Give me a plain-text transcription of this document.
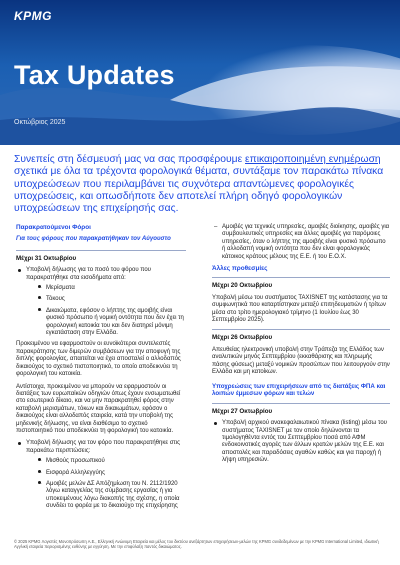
KPMG
Tax Updates
Οκτώβριος 2025
Συνεπείς στη δέσμευσή μας να σας προσφέρουμε επικαιροποιημένη ενημέρωση σχετικά με όλα τα τρέχοντα φορολογικά θέματα, συντάξαμε τον παρακάτω πίνακα υποχρεώσεων που περιλαμβάνει τις συχνότερα απαντώμενες φορολογικές υποχρεώσεις, και οπωσδήποτε δεν αποτελεί πλήρη οδηγό φορολογικών υποχρεώσεων της επιχείρησής σας.
Παρακρατούμενοι Φόροι
Για τους φόρους που παρακρατήθηκαν τον Αύγουστο
Μέχρι 31 Οκτωβρίου
Υποβολή δήλωσης για το ποσό του φόρου που παρακρατήθηκε στα εισοδήματα από:
– Μερίσματα
– Τόκους
– Δικαιώματα, εφόσον ο λήπτης της αμοιβής είναι φυσικό πρόσωπο ή νομική οντότητα που δεν έχει τη φορολογική κατοικία του και δεν διατηρεί μόνιμη εγκατάσταση στην Ελλάδα.

Προκειμένου να εφαρμοστούν οι ευνοϊκότεροι συντελεστές παρακράτησης των διμερών συμβάσεων για την αποφυγή της διπλής φορολογίας, απαιτείται να έχει αποσταλεί ο αλλοδαπός δικαιούχος το σχετικό πιστοποιητικό, το οποίο αποδεικνύει τη φορολογική του κατοικία.

Αντίστοιχα, προκειμένου να μπορούν να εφαρμοστούν οι διατάξεις των ευρωπαϊκών οδηγιών όπως έχουν ενσωματωθεί στο εσωτερικό δίκαιο, και να μην παρακρατηθεί φόρος στην καταβολή μερισμάτων, τόκων και δικαιωμάτων, εφόσον ο δικαιούχος είναι αλλοδαπός εταιρεία, κατά την υποβολή της μηδενικής δήλωσης, να είναι διαθέσιμο το σχετικό πιστοποιητικό που αποδεικνύει τη φορολογική του κατοικία.

Υποβολή δήλωσης για τον φόρο που παρακρατήθηκε στις παρακάτω περιπτώσεις:
– Μισθούς προσωπικού
– Εισφορά Αλληλεγγύης
– Αμοιβές μελών ΔΣ Απόζημίωση του Ν. 2112/1920 λόγω καταγγελίας της σύμβασης εργασίας ή για υποκειμένους λόγω διακοπής της σχέσης, η οποία συνδέει το φορέα με το δικαιούχο της επιχείρησης
– Αμοιβές για τεχνικές υπηρεσίες, αμοιβές διοίκησης, αμοιβές για συμβουλευτικές υπηρεσίες και άλλες αμοιβές για παρόμοιες υπηρεσίες, όταν ο λήπτης της αμοιβής είναι φυσικό πρόσωπο ή αλλοδαπή νομική οντότητα που δεν είναι φορολογικός κάτοικος κράτους μέλους της Ε.Ε. ή του Ε.Ο.Χ.
Άλλες προθεσμίες
Μέχρι 20 Οκτωβρίου

Υποβολή μέσω του συστήματος TAXISNET της κατάστασης για τα συμφωνητικά που καταρτίστηκαν μεταξύ επιτηδευματιών ή τρίτων μέσα στο τρίτο ημερολογιακό τρίμηνο (1 Ιουλίου έως 30 Σεπτεμβρίου 2025).

Μέχρι 26 Οκτωβρίου

Απευθείας ηλεκτρονική υποβολή στην Τράπεζα της Ελλάδος των αναλυτικών μηνός Σεπτεμβρίου (εκκαθάρισης και πληρωμής πάσης φύσεως) μεταξύ νομικών προσώπων που λειτουργούν στην Ελλάδα και μη κατοίκων.

Υποχρεώσεις των επιχειρήσεων από τις διατάξεις ΦΠΑ και λοιπών έμμεσων φόρων και τελών
Μέχρι 27 Οκτωβρίου
Υποβολή αρχικού ανακεφαλαιωτικού πίνακα (listing) μέσω του συστήματος TAXISNET με τον οποίο δηλώνονται τα τιμολογηθέντα εντός του Σεπτεμβρίου ποσά από ΑΦΜ ενδοκοινοτικές αγορές των άλλων κρατών μελών της Ε.Ε. και αποστολές και παραδόσεις αγαθών καθώς και για παροχή ή λήψη υπηρεσιών.
© 2025 KPMG Λογιστές Μονοπρόσωπη Α.Ε., Ελληνική Ανώνυμη Εταιρεία και μέλος του δικτύου ανεξάρτητων επιχειρήσεων-μελών της KPMG συνδεδεμένων με την KPMG International Limited, ιδιωτική Αγγλική εταιρεία περιορισμένης ευθύνης με εγγύηση. Με την επιφύλαξη παντός δικαιώματος.
